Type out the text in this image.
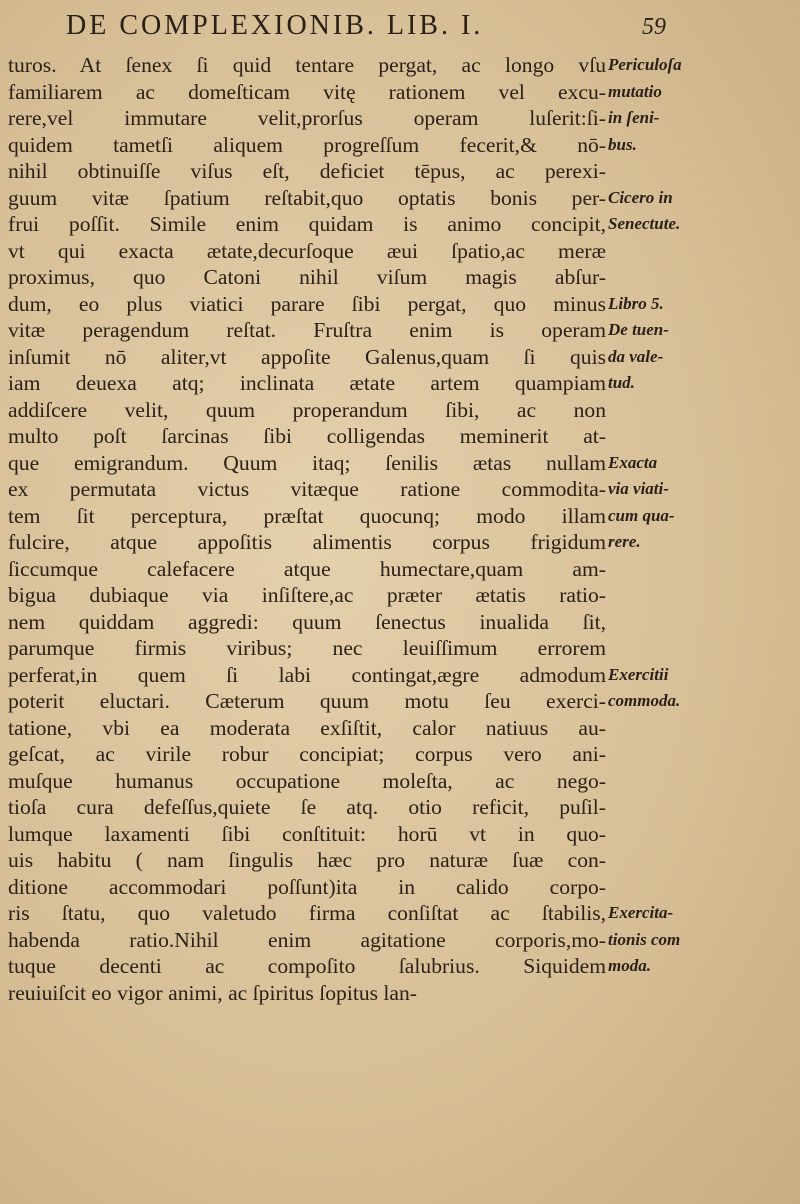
DE COMPLEXIONIB. LIB. I.	59
turos. At ſenex ſi quid tentare pergat, ac longo vſu
familiarem ac domeſticam vitę rationem vel excu-
rere,vel immutare velit,prorſus operam luſerit:ſi-
quidem tametſi aliquem progreſſum fecerit,& nō-
nihil obtinuiſſe viſus eſt, deficiet tēpus, ac perexi-
guum vitæ ſpatium reſtabit,quo optatis bonis per-
frui poſſit. Simile enim quidam is animo concipit,
vt qui exacta ætate,decurſoque æui ſpatio,ac meræ
proximus, quo Catoni nihil viſum magis abſur-
dum, eo plus viatici parare ſibi pergat, quo minus
vitæ peragendum reſtat. Fruſtra enim is operam
inſumit nō aliter,vt appoſite Galenus,quam ſi quis
iam deuexa atq; inclinata ætate artem quampiam
addiſcere velit, quum properandum ſibi, ac non
multo poſt ſarcinas ſibi colligendas meminerit at-
que emigrandum. Quum itaq; ſenilis ætas nullam
ex permutata victus vitæque ratione commodita-
tem ſit perceptura, præſtat quocunq; modo illam
fulcire, atque appoſitis alimentis corpus frigidum
ſiccumque calefacere atque humectare,quam am-
bigua dubiaque via inſiſtere,ac præter ætatis ratio-
nem quiddam aggredi: quum ſenectus inualida ſit,
parumque firmis viribus; nec leuiſſimum errorem
perferat,in quem ſi labi contingat,ægre admodum
poterit eluctari. Cæterum quum motu ſeu exerci-
tatione, vbi ea moderata exſiſtit, calor natiuus au-
geſcat, ac virile robur concipiat; corpus vero ani-
muſque humanus occupatione moleſta, ac nego-
tioſa cura defeſſus,quiete ſe atq. otio reficit, puſil-
lumque laxamenti ſibi conſtituit: horū vt in quo-
uis habitu ( nam ſingulis hæc pro naturæ ſuæ con-
ditione accommodari poſſunt)ita in calido corpo-
ris ſtatu, quo valetudo firma conſiſtat ac ſtabilis,
habenda ratio.Nihil enim agitatione corporis,mo-
tuque decenti ac compoſito ſalubrius. Siquidem
reuiuiſcit eo vigor animi, ac ſpiritus ſopitus lan-
Periculoſa
mutatio
in ſeni-
bus.
Cicero in
Senectute.
Libro 5.
De tuen-
da vale-
tud.
Exacta
via viati-
cum qua-
rere.
Exercitii
commoda.
Exercita-
tionis com
moda.
